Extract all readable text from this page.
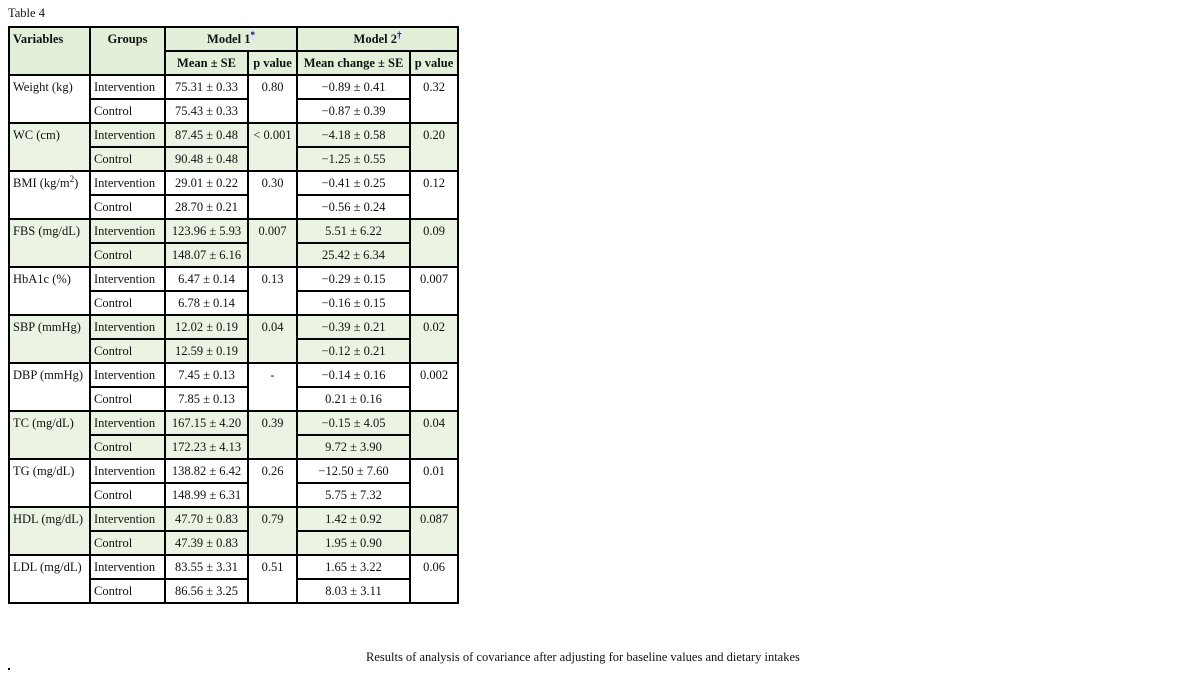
Table 4
Variables	Groups	Model 1*		Model 2†
		Mean ± SE	p value	Mean change ± SE	p value
Weight (kg)	Intervention	75.31 ± 0.33	0.80	−0.89 ± 0.41	0.32
	Control	75.43 ± 0.33		−0.87 ± 0.39	
WC (cm)	Intervention	87.45 ± 0.48	< 0.001	−4.18 ± 0.58	0.20
	Control	90.48 ± 0.48		−1.25 ± 0.55	
BMI $(kg/m^2)$	Intervention	29.01 ± 0.22	0.30	−0.41 ± 0.25	0.12
	Control	28.70 ± 0.21		−0.56 ± 0.24	
FBS (mg/dL)	Intervention	123.96 ± 5.93	0.007	5.51 ± 6.22	0.09
	Control	148.07 ± 6.16		25.42 ± 6.34	
HbA1c (%)	Intervention	6.47 ± 0.14	0.13	−0.29 ± 0.15	0.007
	Control	6.78 ± 0.14		−0.16 ± 0.15	
SBP (mmHg)	Intervention	12.02 ± 0.19	0.04	−0.39 ± 0.21	0.02
	Control	12.59 ± 0.19		−0.12 ± 0.21	
DBP (mmHg)	Intervention	7.45 ± 0.13	-	−0.14 ± 0.16	0.002
	Control	7.85 ± 0.13		0.21 ± 0.16	
TC (mg/dL)	Intervention	167.15 ± 4.20	0.39	−0.15 ± 4.05	0.04
	Control	172.23 ± 4.13		9.72 ± 3.90	
TG (mg/dL)	Intervention	138.82 ± 6.42	0.26	−12.50 ± 7.60	0.01
	Control	148.99 ± 6.31		5.75 ± 7.32	
HDL (mg/dL)	Intervention	47.70 ± 0.83	0.79	1.42 ± 0.92	0.087
	Control	47.39 ± 0.83		1.95 ± 0.90	
LDL (mg/dL)	Intervention	83.55 ± 3.31	0.51	1.65 ± 3.22	0.06
	Control	86.56 ± 3.25		8.03 ± 3.11	
Results of analysis of covariance after adjusting for baseline values and dietary intakes
